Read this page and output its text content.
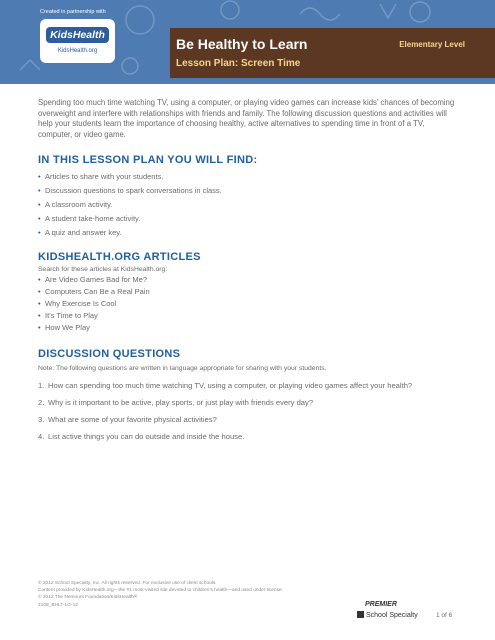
Created in partnership with
KidsHealth
KidsHealth.org	Be Healthy to Learn
Lesson Plan: Screen Time
Elementary Level

Spending too much time watching TV, using a computer, or playing video games can increase kids’ chances of becoming overweight and interfere with relationships with friends and family. The following discussion questions and activities will help your students learn the importance of choosing healthy, active alternatives to spending time in front of a TV, computer, or video game.

IN THIS LESSON PLAN YOU WILL FIND:
• Articles to share with your students.
• Discussion questions to spark conversations in class.
• A classroom activity.
• A student take-home activity.
• A quiz and answer key.
KIDSHEALTH.ORG ARTICLES

Search for these articles at KidsHealth.org:

• Are Video Games Bad for Me?
• Computers Can Be a Real Pain
• Why Exercise Is Cool
• It’s Time to Play
• How We Play
DISCUSSION QUESTIONS

Note: The following questions are written in language appropriate for sharing with your students.

1. How can spending too much time watching TV, using a computer, or playing video games affect your health?
2. Why is it important to be active, play sports, or just play with friends every day?
3. What are some of your favorite physical activities?
4. List active things you can do outside and inside the house.
© 2012 School Specialty, Inc. All rights reserved. For exclusive use of client schools.
Content provided by KidsHealth.org—the #1 most-visited site devoted to children’s health—and used under license.
© 2012 The Nemours Foundation/KidsHealth®
2108_BHLT-LO-12	PREMIER
School Specialty	1 of 6
